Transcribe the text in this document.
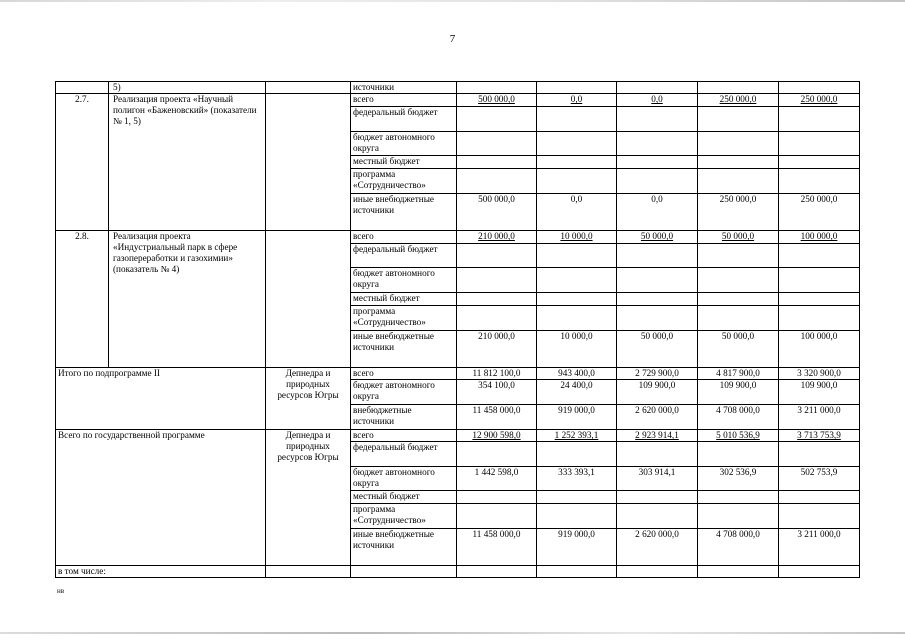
7
	5)		источники					
2.7.	Реализация проекта «Научный полигон «Баженовский» (показатели № 1, 5)		всего	500 000,0	0,0	0,0	250 000,0	250 000,0
			федеральный бюджет					
			бюджет автономного округа					
			местный бюджет					
			программа «Сотрудничество»					
			иные внебюджетные источники	500 000,0	0,0	0,0	250 000,0	250 000,0
2.8.	Реализация проекта «Индустриальный парк в сфере газопереработки и газохимии» (показатель № 4)		всего	210 000,0	10 000,0	50 000,0	50 000,0	100 000,0
			федеральный бюджет					
			бюджет автономного округа					
			местный бюджет					
			программа «Сотрудничество»					
			иные внебюджетные источники	210 000,0	10 000,0	50 000,0	50 000,0	100 000,0
Итого по подпрограмме II		Депнедра и природных ресурсов Югры	всего	11 812 100,0	943 400,0	2 729 900,0	4 817 900,0	3 320 900,0
			бюджет автономного округа	354 100,0	24 400,0	109 900,0	109 900,0	109 900,0
			внебюджетные источники	11 458 000,0	919 000,0	2 620 000,0	4 708 000,0	3 211 000,0
Всего по государственной программе		Депнедра и природных ресурсов Югры	всего	12 900 598,0	1 252 393,1	2 923 914,1	5 010 536,9	3 713 753,9
			федеральный бюджет					
			бюджет автономного округа	1 442 598,0	333 393,1	303 914,1	302 536,9	502 753,9
			местный бюджет					
			программа «Сотрудничество»					
			иные внебюджетные источники	11 458 000,0	919 000,0	2 620 000,0	4 708 000,0	3 211 000,0
в том числе:								
нв
